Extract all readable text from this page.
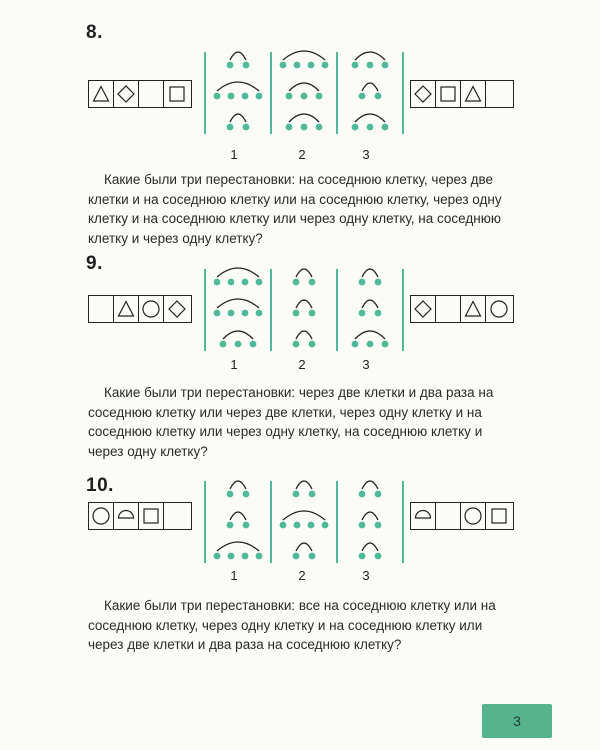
8.
1	2	3

Какие были три перестановки: на соседнюю клетку, через две клетки и на соседнюю клетку или на соседнюю клетку, через одну клетку и на соседнюю клетку или через одну клетку, на соседнюю клетку и через одну клетку?

9.
1	2	3

Какие были три перестановки: через две клетки и два раза на соседнюю клетку или через две клетки, через одну клетку и на соседнюю клетку или через одну клетку, на соседнюю клетку и через одну клетку?

10.
1	2	3

Какие были три перестановки: все на соседнюю клетку или на соседнюю клетку, через одну клетку и на соседнюю клетку или через две клетки и два раза на соседнюю клетку?

3
